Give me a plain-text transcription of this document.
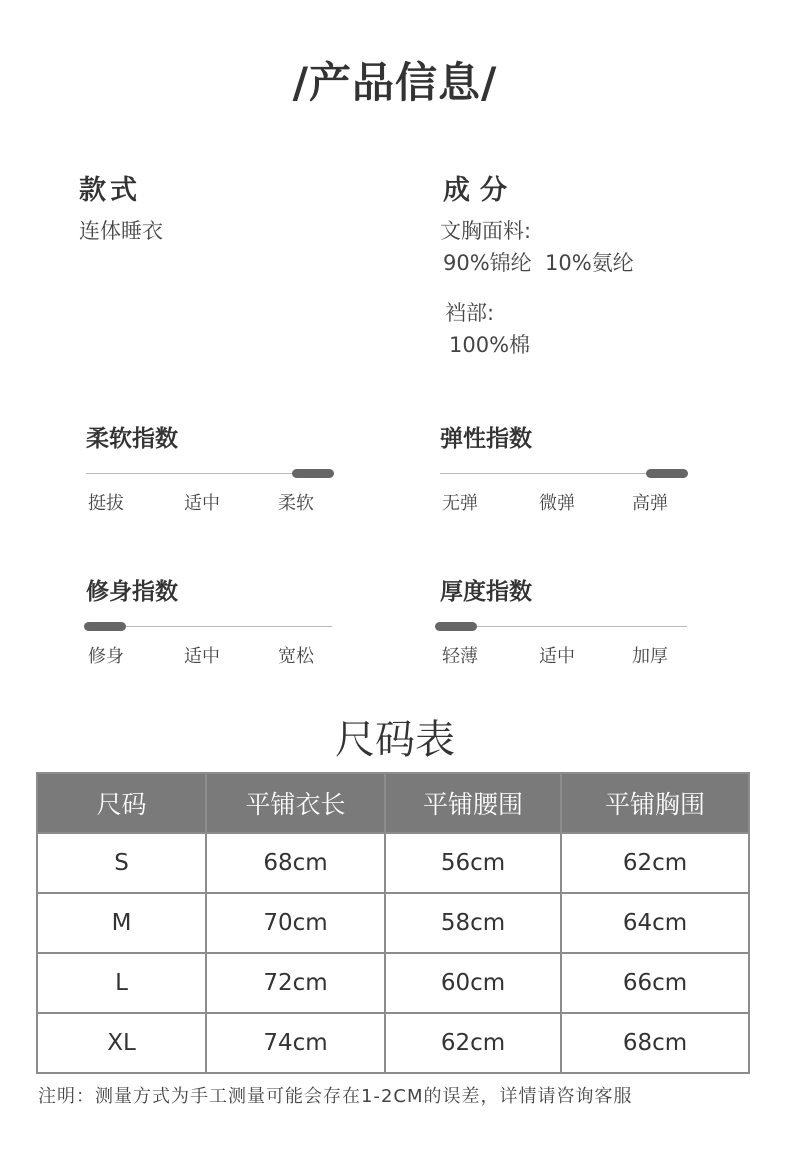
/产品信息/
款式
连体睡衣
成分
文胸面料:
90%锦纶  10%氨纶
裆部:
100%棉
柔软指数
挺拔	适中	柔软
弹性指数
无弹	微弹	高弹
修身指数
修身	适中	宽松
厚度指数
轻薄	适中	加厚
尺码表
尺码	平铺衣长	平铺腰围	平铺胸围
S	68cm	56cm	62cm
M	70cm	58cm	64cm
L	72cm	60cm	66cm
XL	74cm	62cm	68cm
注明：测量方式为手工测量可能会存在1-2CM的误差，详情请咨询客服
